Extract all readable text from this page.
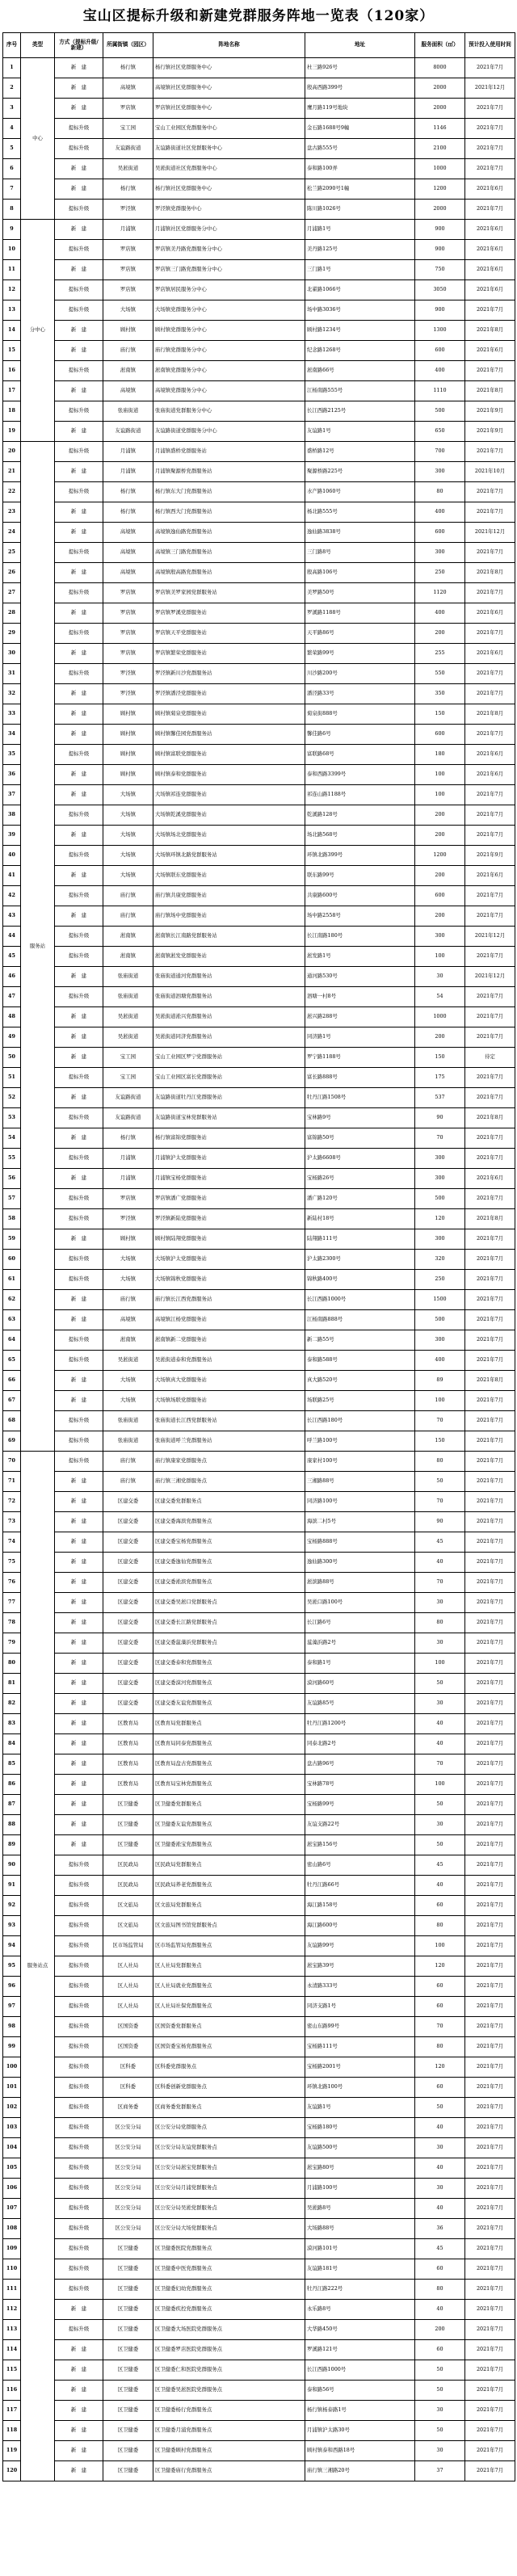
宝山区提标升级和新建党群服务阵地一览表（120家）
序号	类型	方式（提标升级/新建）	所属街镇（园区）	阵地名称	地址	服务面积（㎡）	预计投入使用时间
1	中心	新　建	杨行镇	杨行镇社区党群服务中心	杜三路926号	8000	2021年7月
2		新　建	高境镇	高境镇社区党群服务中心	殷高西路399号	2000	2021年12月
3		新　建	罗店镇	罗店镇社区党群服务中心	鹰月路119号地块	2000	2021年7月
4		提标升级	宝工园	宝山工业园区党群服务中心	金石路1688号9幢	1146	2021年7月
5		提标升级	友谊路街道	友谊路街道社区党群服务中心	盘古路555号	2100	2021年7月
6		新　建	吴淞街道	吴淞街道社区党群服务中心	泰和路100弄	1000	2021年7月
7		新　建	杨行镇	杨行镇社区党群服务中心	松兰路2090号1幢	1200	2021年6月
8		提标升级	罗泾镇	罗泾镇党群服务中心	陈川路1026号	2000	2021年7月
9	分中心	新　建	月浦镇	月浦镇社区党群服务分中心	月浦路1号	900	2021年6月
10		提标升级	罗店镇	罗店镇美丹路党群服务分中心	美丹路125号	900	2021年6月
11		新　建	罗店镇	罗店镇三门路党群服务分中心	三门路1号	750	2021年6月
12		提标升级	罗店镇	罗店镇居民服务分中心	北翟路1066号	3050	2021年6月
13		提标升级	大场镇	大场镇党群服务分中心	场中路3036号	900	2021年7月
14		新　建	顾村镇	顾村镇党群服务分中心	顾村路1234号	1300	2021年8月
15		新　建	庙行镇	庙行镇党群服务分中心	纪念路1268号	600	2021年6月
16		提标升级	淞南镇	淞南镇党群服务分中心	淞南路66号	400	2021年7月
17		新　建	高境镇	高境镇党群服务分中心	江杨南路555号	1110	2021年8月
18		提标升级	张庙街道	张庙街道党群服务分中心	长江西路2125号	500	2021年9月
19		新　建	友谊路街道	友谊路街道党群服务分中心	友谊路1号	650	2021年9月
20	服务站	提标升级	月浦镇	月浦镇盛桥党群服务站	盛桥路12号	700	2021年7月
21		新　建	月浦镇	月浦镇聚源桥党群服务站	聚源桥路225号	300	2021年10月
22		提标升级	杨行镇	杨行镇东大门党群服务站	水产路1060号	80	2021年7月
23		新　建	杨行镇	杨行镇西大门党群服务站	杨北路555号	400	2021年7月
24		新　建	高境镇	高境镇逸仙路党群服务站	逸仙路3838号	600	2021年12月
25		提标升级	高境镇	高境镇三门路党群服务站	三门路8号	300	2021年7月
26		新　建	高境镇	高境镇殷高路党群服务站	殷高路106号	250	2021年8月
27		提标升级	罗店镇	罗店镇美罗家园党群服务站	美罗路50号	1120	2021年7月
28		新　建	罗店镇	罗店镇罗溪党群服务站	罗溪路1188号	400	2021年6月
29		提标升级	罗店镇	罗店镇天平党群服务站	天平路86号	200	2021年7月
30		新　建	罗店镇	罗店镇繁荣党群服务站	繁荣路99号	255	2021年6月
31		提标升级	罗泾镇	罗泾镇新川沙党群服务站	川沙路200号	550	2021年7月
32		新　建	罗泾镇	罗泾镇潘泾党群服务站	潘泾路33号	350	2021年7月
33		新　建	顾村镇	顾村镇菊泉党群服务站	菊泉街888号	150	2021年8月
34		新　建	顾村镇	顾村镇馨佳园党群服务站	馨佳路6号	600	2021年7月
35		提标升级	顾村镇	顾村镇富联党群服务站	富联路68号	180	2021年6月
36		新　建	顾村镇	顾村镇泰和党群服务站	泰和西路3399号	100	2021年6月
37		新　建	大场镇	大场镇祁连党群服务站	祁连山路1188号	100	2021年7月
38		提标升级	大场镇	大场镇乾溪党群服务站	乾溪路128号	200	2021年7月
39		新　建	大场镇	大场镇场北党群服务站	场北路568号	200	2021年7月
40		提标升级	大场镇	大场镇环镇北路党群服务站	环镇北路399号	1200	2021年9月
41		新　建	大场镇	大场镇联东党群服务站	联东路99号	200	2021年6月
42		提标升级	庙行镇	庙行镇共康党群服务站	共康路600号	600	2021年7月
43		新　建	庙行镇	庙行镇场中党群服务站	场中路2558号	200	2021年7月
44		提标升级	淞南镇	淞南镇长江南路党群服务站	长江南路180号	300	2021年12月
45		提标升级	淞南镇	淞南镇淞发党群服务站	淞发路1号	100	2021年7月
46		新　建	张庙街道	张庙街道通河党群服务站	通河路530号	30	2021年12月
47		提标升级	张庙街道	张庙街道泗塘党群服务站	泗塘一村8号	54	2021年7月
48		新　建	吴淞街道	吴淞街道淞兴党群服务站	淞兴路288号	1000	2021年7月
49		新　建	吴淞街道	吴淞街道同济党群服务站	同济路1号	200	2021年7月
50		新　建	宝工园	宝山工业园区罗宁党群服务站	罗宁路1188号	150	待定
51		提标升级	宝工园	宝山工业园区富长党群服务站	富长路888号	175	2021年7月
52		新　建	友谊路街道	友谊路街道牡丹江党群服务站	牡丹江路1508号	537	2021年7月
53		提标升级	友谊路街道	友谊路街道宝林党群服务站	宝林路9号	90	2021年8月
54		新　建	杨行镇	杨行镇富锦党群服务站	富锦路50号	70	2021年7月
55		提标升级	月浦镇	月浦镇沪太党群服务站	沪太路6608号	300	2021年7月
56		新　建	月浦镇	月浦镇宝杨党群服务站	宝杨路26号	300	2021年6月
57		提标升级	罗店镇	罗店镇潘广党群服务站	潘广路120号	500	2021年7月
58		提标升级	罗泾镇	罗泾镇新陆党群服务站	新陆村18号	120	2021年8月
59		新　建	顾村镇	顾村镇陆翔党群服务站	陆翔路111号	300	2021年7月
60		提标升级	大场镇	大场镇沪太党群服务站	沪太路2300号	320	2021年7月
61		提标升级	大场镇	大场镇锦秋党群服务站	锦秋路400号	250	2021年7月
62		新　建	庙行镇	庙行镇长江西党群服务站	长江西路1000号	1500	2021年7月
63		新　建	高境镇	高境镇江杨党群服务站	江杨南路888号	500	2021年7月
64		提标升级	淞南镇	淞南镇新二党群服务站	新二路55号	300	2021年7月
65		提标升级	吴淞街道	吴淞街道泰和党群服务站	泰和路588号	400	2021年7月
66		新　建	大场镇	大场镇真大党群服务站	真大路520号	89	2021年8月
67		新　建	大场镇	大场镇场联党群服务站	场联路25号	100	2021年7月
68		提标升级	张庙街道	张庙街道长江西党群服务站	长江西路180号	70	2021年7月
69		提标升级	张庙街道	张庙街道呼兰党群服务站	呼兰路100号	150	2021年7月
70	服务站点	提标升级	庙行镇	庙行镇康家党群服务点	康家村100号	80	2021年7月
71		新　建	庙行镇	庙行镇三湘党群服务点	三湘路88号	50	2021年7月
72		新　建	区建交委	区建交委党群服务点	同济路100号	70	2021年7月
73		新　建	区建交委	区建交委海滨党群服务点	海滨二村5号	90	2021年7月
74		新　建	区建交委	区建交委宝杨党群服务点	宝杨路888号	45	2021年7月
75		新　建	区建交委	区建交委逸仙党群服务点	逸仙路300号	40	2021年7月
76		新　建	区建交委	区建交委淞滨党群服务点	淞滨路88号	70	2021年7月
77		新　建	区建交委	区建交委吴淞口党群服务点	吴淞口路100号	30	2021年7月
78		新　建	区建交委	区建交委长江路党群服务点	长江路6号	80	2021年7月
79		新　建	区建交委	区建交委蕰藻浜党群服务点	蕰藻浜路2号	30	2021年7月
80		新　建	区建交委	区建交委泰和党群服务点	泰和路1号	100	2021年7月
81		新　建	区建交委	区建交委漠河党群服务点	漠河路60号	50	2021年7月
82		新　建	区建交委	区建交委友谊党群服务点	友谊路85号	30	2021年7月
83		新　建	区教育局	区教育局党群服务点	牡丹江路1200号	40	2021年7月
84		新　建	区教育局	区教育局同泰党群服务点	同泰北路2号	40	2021年7月
85		新　建	区教育局	区教育局盘古党群服务点	盘古路96号	70	2021年7月
86		新　建	区教育局	区教育局宝林党群服务点	宝林路78号	100	2021年7月
87		新　建	区卫健委	区卫健委党群服务点	宝杨路99号	50	2021年7月
88		新　建	区卫健委	区卫健委友谊党群服务点	友谊支路22号	30	2021年7月
89		新　建	区卫健委	区卫健委淞宝党群服务点	淞宝路156号	50	2021年7月
90		提标升级	区民政局	区民政局党群服务点	密山路6号	45	2021年7月
91		提标升级	区民政局	区民政局养老党群服务点	牡丹江路66号	40	2021年7月
92		提标升级	区文旅局	区文旅局党群服务点	海江路158号	60	2021年7月
93		提标升级	区文旅局	区文旅局图书馆党群服务点	海江路600号	80	2021年7月
94		提标升级	区市场监管局	区市场监管局党群服务点	友谊路99号	100	2021年7月
95		提标升级	区人社局	区人社局党群服务点	淞宝路39号	120	2021年7月
96		提标升级	区人社局	区人社局就业党群服务点	永清路333号	60	2021年7月
97		提标升级	区人社局	区人社局社保党群服务点	同济支路1号	60	2021年7月
98		提标升级	区国资委	区国资委党群服务点	密山东路99号	70	2021年7月
99		提标升级	区国资委	区国资委宝杨党群服务点	宝杨路111号	80	2021年7月
100		提标升级	区科委	区科委党群服务点	宝杨路2001号	120	2021年7月
101		提标升级	区科委	区科委创新党群服务点	环镇北路100号	60	2021年7月
102		提标升级	区商务委	区商务委党群服务点	友谊路1号	50	2021年7月
103		提标升级	区公安分局	区公安分局党群服务点	宝杨路180号	40	2021年7月
104		提标升级	区公安分局	区公安分局友谊党群服务点	友谊路500号	30	2021年7月
105		提标升级	区公安分局	区公安分局淞宝党群服务点	淞宝路80号	40	2021年7月
106		提标升级	区公安分局	区公安分局月浦党群服务点	月浦路100号	30	2021年7月
107		提标升级	区公安分局	区公安分局吴淞党群服务点	吴淞路8号	40	2021年7月
108		提标升级	区公安分局	区公安分局大场党群服务点	大场路88号	36	2021年7月
109		提标升级	区卫健委	区卫健委医院党群服务点	漠河路101号	45	2021年7月
110		提标升级	区卫健委	区卫健委中医党群服务点	友谊路181号	60	2021年7月
111		提标升级	区卫健委	区卫健委妇幼党群服务点	牡丹江路222号	80	2021年7月
112		新　建	区卫健委	区卫健委疾控党群服务点	永乐路8号	40	2021年7月
113		提标升级	区卫健委	区卫健委大场医院党群服务点	大华路450号	200	2021年7月
114		新　建	区卫健委	区卫健委罗店医院党群服务点	罗溪路121号	60	2021年7月
115		新　建	区卫健委	区卫健委仁和医院党群服务点	长江西路1000号	50	2021年7月
116		新　建	区卫健委	区卫健委吴淞医院党群服务点	泰和路56号	50	2021年7月
117		新　建	区卫健委	区卫健委杨行党群服务点	杨行镇杨泰路1号	30	2021年7月
118		新　建	区卫健委	区卫健委月浦党群服务点	月浦镇沪太路30号	50	2021年7月
119		新　建	区卫健委	区卫健委顾村党群服务点	顾村镇泰和西路18号	30	2021年7月
120		新　建	区卫健委	区卫健委庙行党群服务点	庙行镇三湘路20号	37	2021年7月
